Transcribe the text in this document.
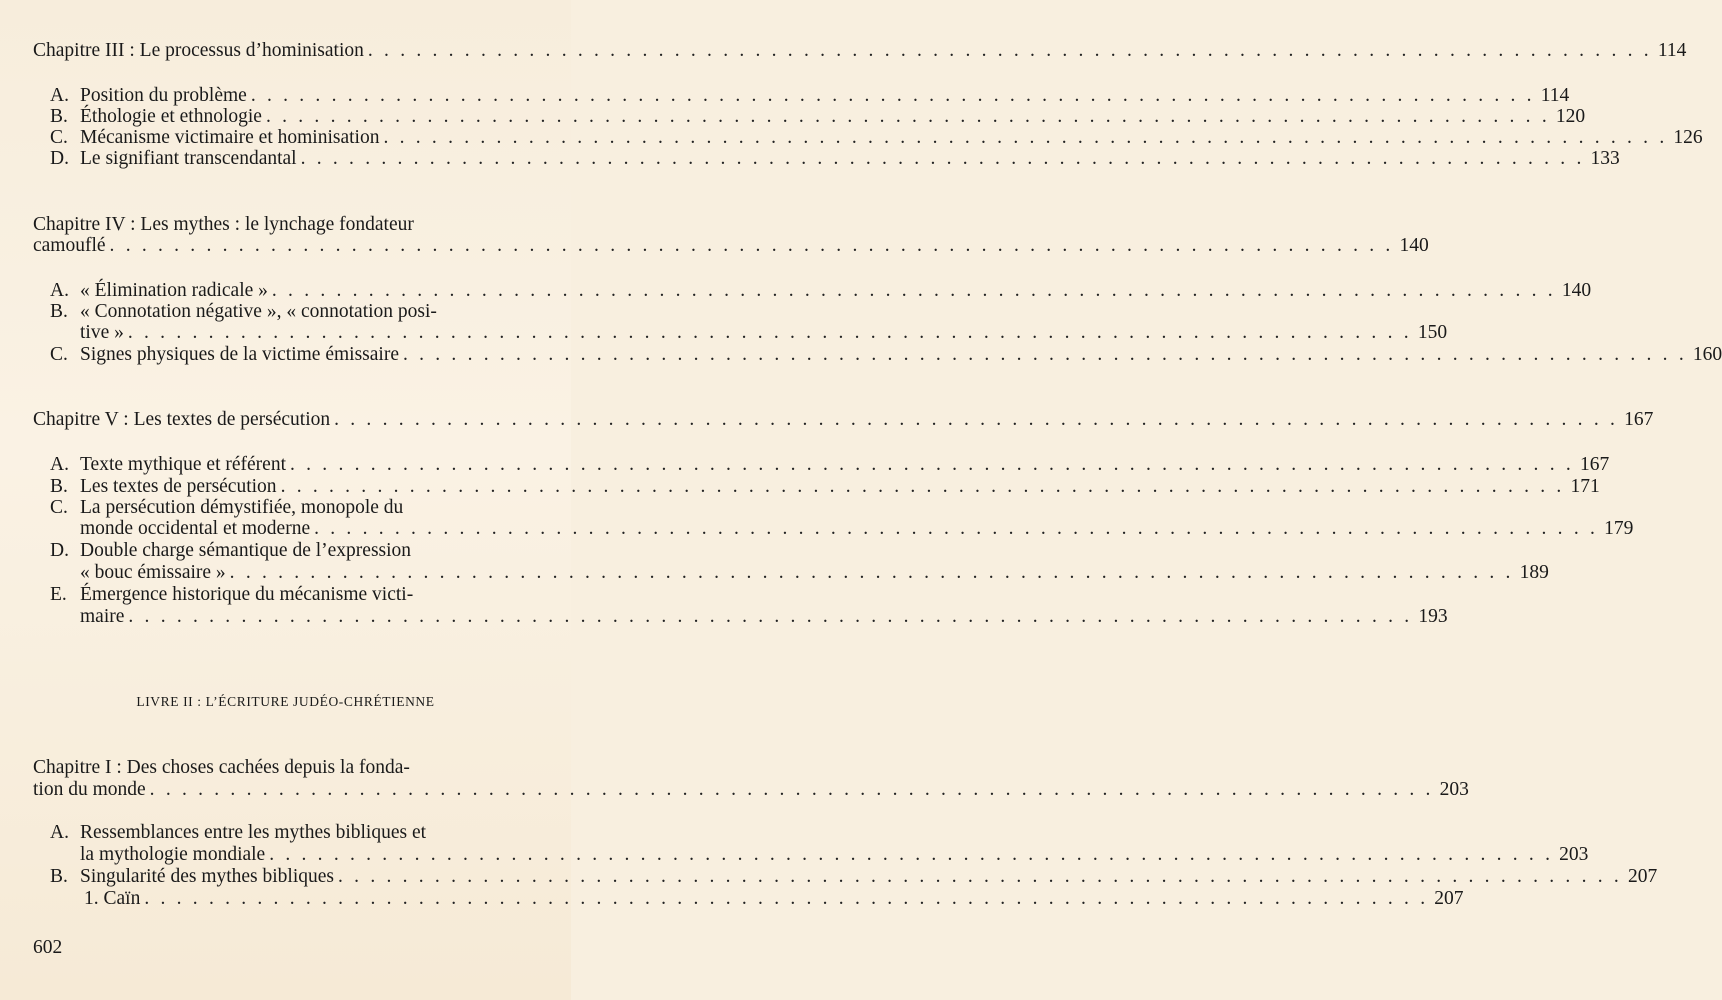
Chapitre III : Le processus d’hominisation . . . . . . . . . . . . . . . . . . . . . . . . . . . . . . . . . . . . . . . . . . . . . . . . . . . . . . . . . . . . . . . . . . . . . . . . . . . . . . . . 114
A. Position du problème . . . . . . . . . . . . . . . . . . . . . . . . . . . . . . . . . . . . . . . . . . . . . . . . . . . . . . . . . . . . . . . . . . . . . . . . . . . . . . . . 114
B. Éthologie et ethnologie . . . . . . . . . . . . . . . . . . . . . . . . . . . . . . . . . . . . . . . . . . . . . . . . . . . . . . . . . . . . . . . . . . . . . . . . . . . . . . . . 120
C. Mécanisme victimaire et hominisation . . . . . . . . . . . . . . . . . . . . . . . . . . . . . . . . . . . . . . . . . . . . . . . . . . . . . . . . . . . . . . . . . . . . . . . . . . . . . . . . 126
D. Le signifiant transcendantal . . . . . . . . . . . . . . . . . . . . . . . . . . . . . . . . . . . . . . . . . . . . . . . . . . . . . . . . . . . . . . . . . . . . . . . . . . . . . . . . 133
Chapitre IV : Les mythes : le lynchage fondateur
camouflé . . . . . . . . . . . . . . . . . . . . . . . . . . . . . . . . . . . . . . . . . . . . . . . . . . . . . . . . . . . . . . . . . . . . . . . . . . . . . . . . 140
A. « Élimination radicale » . . . . . . . . . . . . . . . . . . . . . . . . . . . . . . . . . . . . . . . . . . . . . . . . . . . . . . . . . . . . . . . . . . . . . . . . . . . . . . . . 140
B. « Connotation négative », « connotation posi-
tive » . . . . . . . . . . . . . . . . . . . . . . . . . . . . . . . . . . . . . . . . . . . . . . . . . . . . . . . . . . . . . . . . . . . . . . . . . . . . . . . . 150
C. Signes physiques de la victime émissaire . . . . . . . . . . . . . . . . . . . . . . . . . . . . . . . . . . . . . . . . . . . . . . . . . . . . . . . . . . . . . . . . . . . . . . . . . . . . . . . . 160
Chapitre V : Les textes de persécution . . . . . . . . . . . . . . . . . . . . . . . . . . . . . . . . . . . . . . . . . . . . . . . . . . . . . . . . . . . . . . . . . . . . . . . . . . . . . . . . 167
A. Texte mythique et référent . . . . . . . . . . . . . . . . . . . . . . . . . . . . . . . . . . . . . . . . . . . . . . . . . . . . . . . . . . . . . . . . . . . . . . . . . . . . . . . . 167
B. Les textes de persécution . . . . . . . . . . . . . . . . . . . . . . . . . . . . . . . . . . . . . . . . . . . . . . . . . . . . . . . . . . . . . . . . . . . . . . . . . . . . . . . . 171
C. La persécution démystifiée, monopole du
monde occidental et moderne . . . . . . . . . . . . . . . . . . . . . . . . . . . . . . . . . . . . . . . . . . . . . . . . . . . . . . . . . . . . . . . . . . . . . . . . . . . . . . . . 179
D. Double charge sémantique de l’expression
« bouc émissaire » . . . . . . . . . . . . . . . . . . . . . . . . . . . . . . . . . . . . . . . . . . . . . . . . . . . . . . . . . . . . . . . . . . . . . . . . . . . . . . . . 189
E. Émergence historique du mécanisme victi-
maire . . . . . . . . . . . . . . . . . . . . . . . . . . . . . . . . . . . . . . . . . . . . . . . . . . . . . . . . . . . . . . . . . . . . . . . . . . . . . . . . 193
LIVRE II : L’ÉCRITURE JUDÉO-CHRÉTIENNE
Chapitre I : Des choses cachées depuis la fonda-
tion du monde . . . . . . . . . . . . . . . . . . . . . . . . . . . . . . . . . . . . . . . . . . . . . . . . . . . . . . . . . . . . . . . . . . . . . . . . . . . . . . . . 203
A. Ressemblances entre les mythes bibliques et
la mythologie mondiale . . . . . . . . . . . . . . . . . . . . . . . . . . . . . . . . . . . . . . . . . . . . . . . . . . . . . . . . . . . . . . . . . . . . . . . . . . . . . . . . 203
B. Singularité des mythes bibliques . . . . . . . . . . . . . . . . . . . . . . . . . . . . . . . . . . . . . . . . . . . . . . . . . . . . . . . . . . . . . . . . . . . . . . . . . . . . . . . . 207
1. Caïn . . . . . . . . . . . . . . . . . . . . . . . . . . . . . . . . . . . . . . . . . . . . . . . . . . . . . . . . . . . . . . . . . . . . . . . . . . . . . . . . 207
602
